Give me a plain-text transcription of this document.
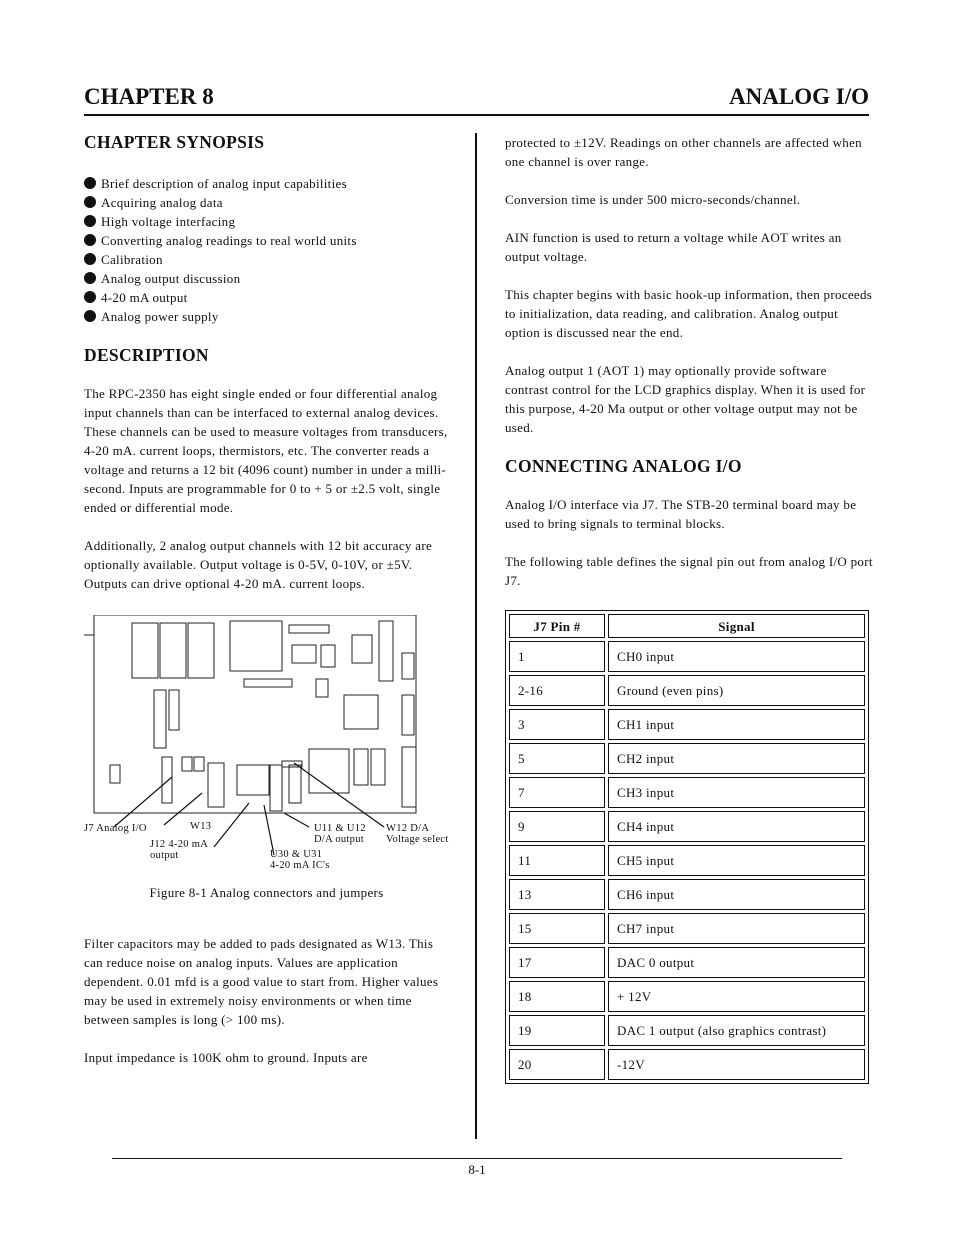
CHAPTER 8	ANALOG I/O
CHAPTER SYNOPSIS
Brief description of analog input capabilities
Acquiring analog data
High voltage interfacing
Converting analog readings to real world units
Calibration
Analog output discussion
4-20 mA output
Analog power supply
DESCRIPTION

The RPC-2350 has eight single ended or four differential analog input channels than can be interfaced to external analog devices. These channels can be used to measure voltages from transducers, 4-20 mA. current loops, thermistors, etc. The converter reads a voltage and returns a 12 bit (4096 count) number in under a milli-second. Inputs are programmable for 0 to + 5 or ±2.5 volt, single ended or differential mode.

Additionally, 2 analog output channels with 12 bit accuracy are optionally available. Output voltage is 0-5V, 0-10V, or ±5V. Outputs can drive optional 4-20 mA. current loops.

J7 Analog I/O	W13	U11 & U12
D/A output
W12 D/A
Voltage select
J12 4-20 mA
output	U30 & U31
4-20 mA IC's
Figure 8-1 Analog connectors and jumpers

Filter capacitors may be added to pads designated as W13. This can reduce noise on analog inputs. Values are application dependent. 0.01 mfd is a good value to start from. Higher values may be used in extremely noisy environments or when time between samples is long (> 100 ms).

Input impedance is 100K ohm to ground. Inputs are

protected to ±12V. Readings on other channels are affected when one channel is over range.

Conversion time is under 500 micro-seconds/channel.

AIN function is used to return a voltage while AOT writes an output voltage.

This chapter begins with basic hook-up information, then proceeds to initialization, data reading, and calibration. Analog output option is discussed near the end.

Analog output 1 (AOT 1) may optionally provide software contrast control for the LCD graphics display. When it is used for this purpose, 4-20 Ma output or other voltage output may not be used.

CONNECTING ANALOG I/O

Analog I/O interface via J7. The STB-20 terminal board may be used to bring signals to terminal blocks.

The following table defines the signal pin out from analog I/O port J7.

J7 Pin #	Signal
1	CH0 input
2-16	Ground (even pins)
3	CH1 input
5	CH2 input
7	CH3 input
9	CH4 input
11	CH5 input
13	CH6 input
15	CH7 input
17	DAC 0 output
18	+ 12V
19	DAC 1 output (also graphics contrast)
20	-12V
8-1
